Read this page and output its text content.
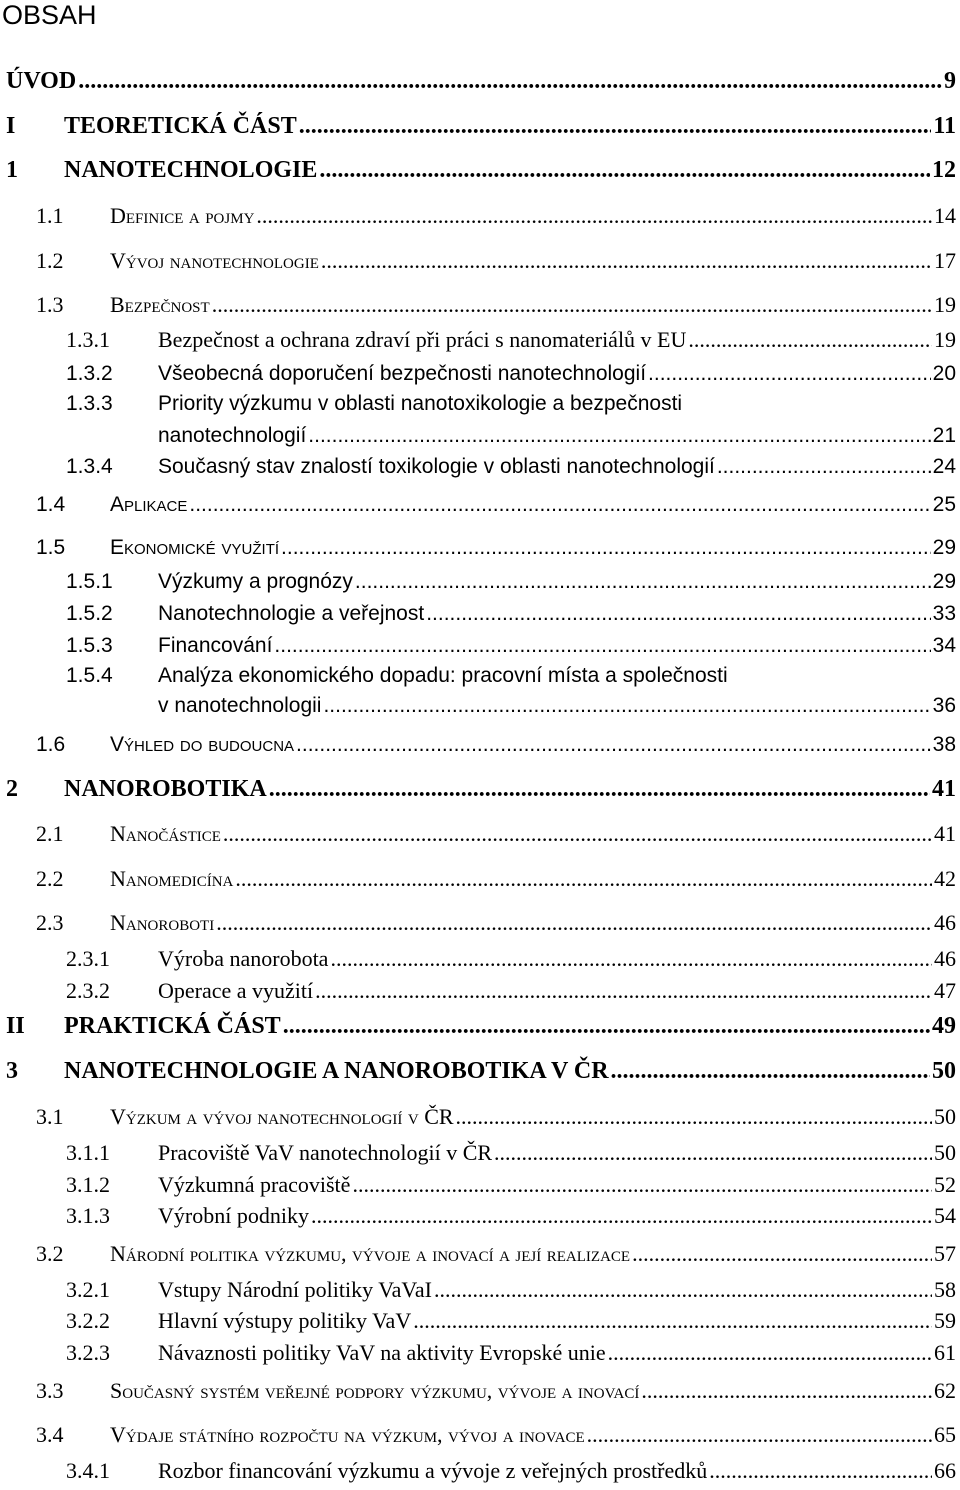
OBSAH
ÚVOD .....	9
I	TEORETICKÁ ČÁST .....	11
1	NANOTECHNOLOGIE .....	12
1.1	Definice a pojmy .....	14
1.2	Vývoj nanotechnologie .....	17
1.3	Bezpečnost .....	19
1.3.1	Bezpečnost a ochrana zdraví při práci s nanomateriálů v EU .....	19
1.3.2	Všeobecná doporučení bezpečnosti nanotechnologií .....	20
1.3.3 Priority výzkumu v oblasti nanotoxikologie a bezpečnosti
nanotechnologií .....	21
1.3.4	Současný stav znalostí toxikologie v oblasti nanotechnologií .....	24
1.4	Aplikace .....	25
1.5	Ekonomické využití .....	29
1.5.1	Výzkumy a prognózy .....	29
1.5.2	Nanotechnologie a veřejnost .....	33
1.5.3	Financování .....	34
1.5.4 Analýza ekonomického dopadu: pracovní místa a společnosti
v nanotechnologii .....	36
1.6	Výhled do budoucna .....	38
2	NANOROBOTIKA .....	41
2.1	Nanočástice .....	41
2.2	Nanomedicína .....	42
2.3	Nanoroboti .....	46
2.3.1	Výroba nanorobota .....	46
2.3.2	Operace a využití .....	47
II	PRAKTICKÁ ČÁST .....	49
3	NANOTECHNOLOGIE A NANOROBOTIKA V ČR .....	50
3.1	Výzkum a vývoj nanotechnologií v ČR .....	50
3.1.1	Pracoviště VaV nanotechnologií v ČR .....	50
3.1.2	Výzkumná pracoviště .....	52
3.1.3	Výrobní podniky .....	54
3.2	Národní politika výzkumu, vývoje a inovací a její realizace .....	57
3.2.1	Vstupy Národní politiky VaVaI .....	58
3.2.2	Hlavní výstupy politiky VaV .....	59
3.2.3	Návaznosti politiky VaV na aktivity Evropské unie .....	61
3.3	Současný systém veřejné podpory výzkumu, vývoje a inovací .....	62
3.4	Výdaje státního rozpočtu na výzkum, vývoj a inovace .....	65
3.4.1	Rozbor financování výzkumu a vývoje z veřejných prostředků .....	66
